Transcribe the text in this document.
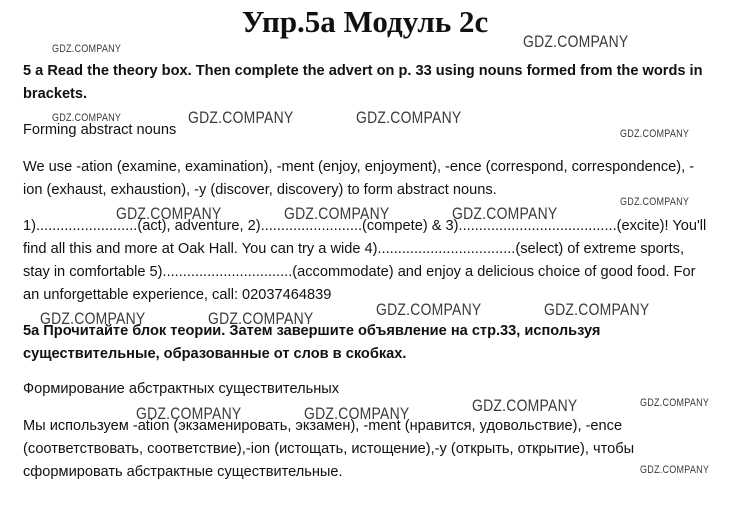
Упр.5а Модуль 2с

5 a Read the theory box. Then complete the advert on p. 33 using nouns formed from the words in brackets.

Forming abstract nouns

We use -ation (examine, examination), -ment (enjoy, enjoyment), -ence (correspond, correspondence), -ion (exhaust, exhaustion), -y (discover, discovery) to form abstract nouns.

1).........................(act), adventure, 2).........................(compete) & 3).......................................(excite)! You'll find all this and more at Oak Hall. You can try a wide 4)..................................(select) of extreme sports, stay in comfortable 5)................................(accommodate) and enjoy a delicious choice of good food. For an unforgettable experience, call: 02037464839

5a Прочитайте блок теории. Затем завершите объявление на стр.33, используя существительные, образованные от слов в скобках.

Формирование абстрактных существительных

Мы используем -ation (экзаменировать, экзамен), -ment (нравится, удовольствие), -ence (соответствовать, соответствие),-ion (истощать, истощение),-y (открыть, открытие), чтобы сформировать абстрактные существительные.

GDZ.COMPANY	GDZ.COMPANY
GDZ.COMPANY	GDZ.COMPANY	GDZ.COMPANY
GDZ.COMPANY
GDZ.COMPANY
GDZ.COMPANY	GDZ.COMPANY	GDZ.COMPANY
GDZ.COMPANY	GDZ.COMPANY
GDZ.COMPANY	GDZ.COMPANY
GDZ.COMPANY
GDZ.COMPANY
GDZ.COMPANY	GDZ.COMPANY
GDZ.COMPANY
